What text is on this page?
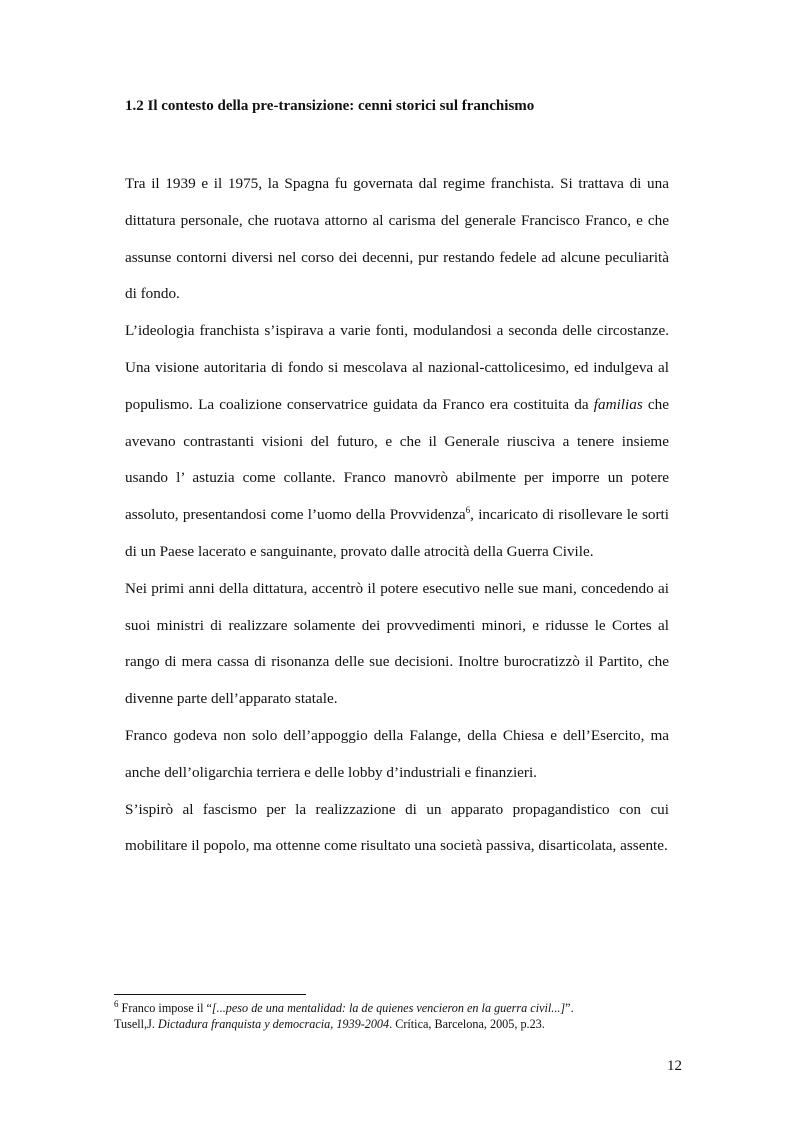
1.2 Il contesto della pre-transizione: cenni storici sul franchismo

Tra il 1939 e il 1975, la Spagna fu governata dal regime franchista. Si trattava di una dittatura personale, che ruotava attorno al carisma del generale Francisco Franco, e che assunse contorni diversi nel corso dei decenni, pur restando fedele ad alcune peculiarità di fondo.

L’ideologia franchista s’ispirava a varie fonti, modulandosi a seconda delle circostanze. Una visione autoritaria di fondo si mescolava al nazional-cattolicesimo, ed indulgeva al populismo. La coalizione conservatrice guidata da Franco era costituita da familias che avevano contrastanti visioni del futuro, e che il Generale riusciva a tenere insieme usando l’ astuzia come collante. Franco manovrò abilmente per imporre un potere assoluto, presentandosi come l’uomo della Provvidenza$^6$, incaricato di risollevare le sorti di un Paese lacerato e sanguinante, provato dalle atrocità della Guerra Civile.

Nei primi anni della dittatura, accentrò il potere esecutivo nelle sue mani, concedendo ai suoi ministri di realizzare solamente dei provvedimenti minori, e ridusse le Cortes al rango di mera cassa di risonanza delle sue decisioni. Inoltre burocratizzò il Partito, che divenne parte dell’apparato statale.

Franco godeva non solo dell’appoggio della Falange, della Chiesa e dell’Esercito, ma anche dell’oligarchia terriera e delle lobby d’industriali e finanzieri.

S’ispirò al fascismo per la realizzazione di un apparato propagandistico con cui mobilitare il popolo, ma ottenne come risultato una società passiva, disarticolata, assente.

$^6$ Franco impose il “[...peso de una mentalidad: la de quienes vencieron en la guerra civil...]”.

Tusell,J. Dictadura franquista y democracia, 1939-2004. Crítica, Barcelona, 2005, p.23.

12
